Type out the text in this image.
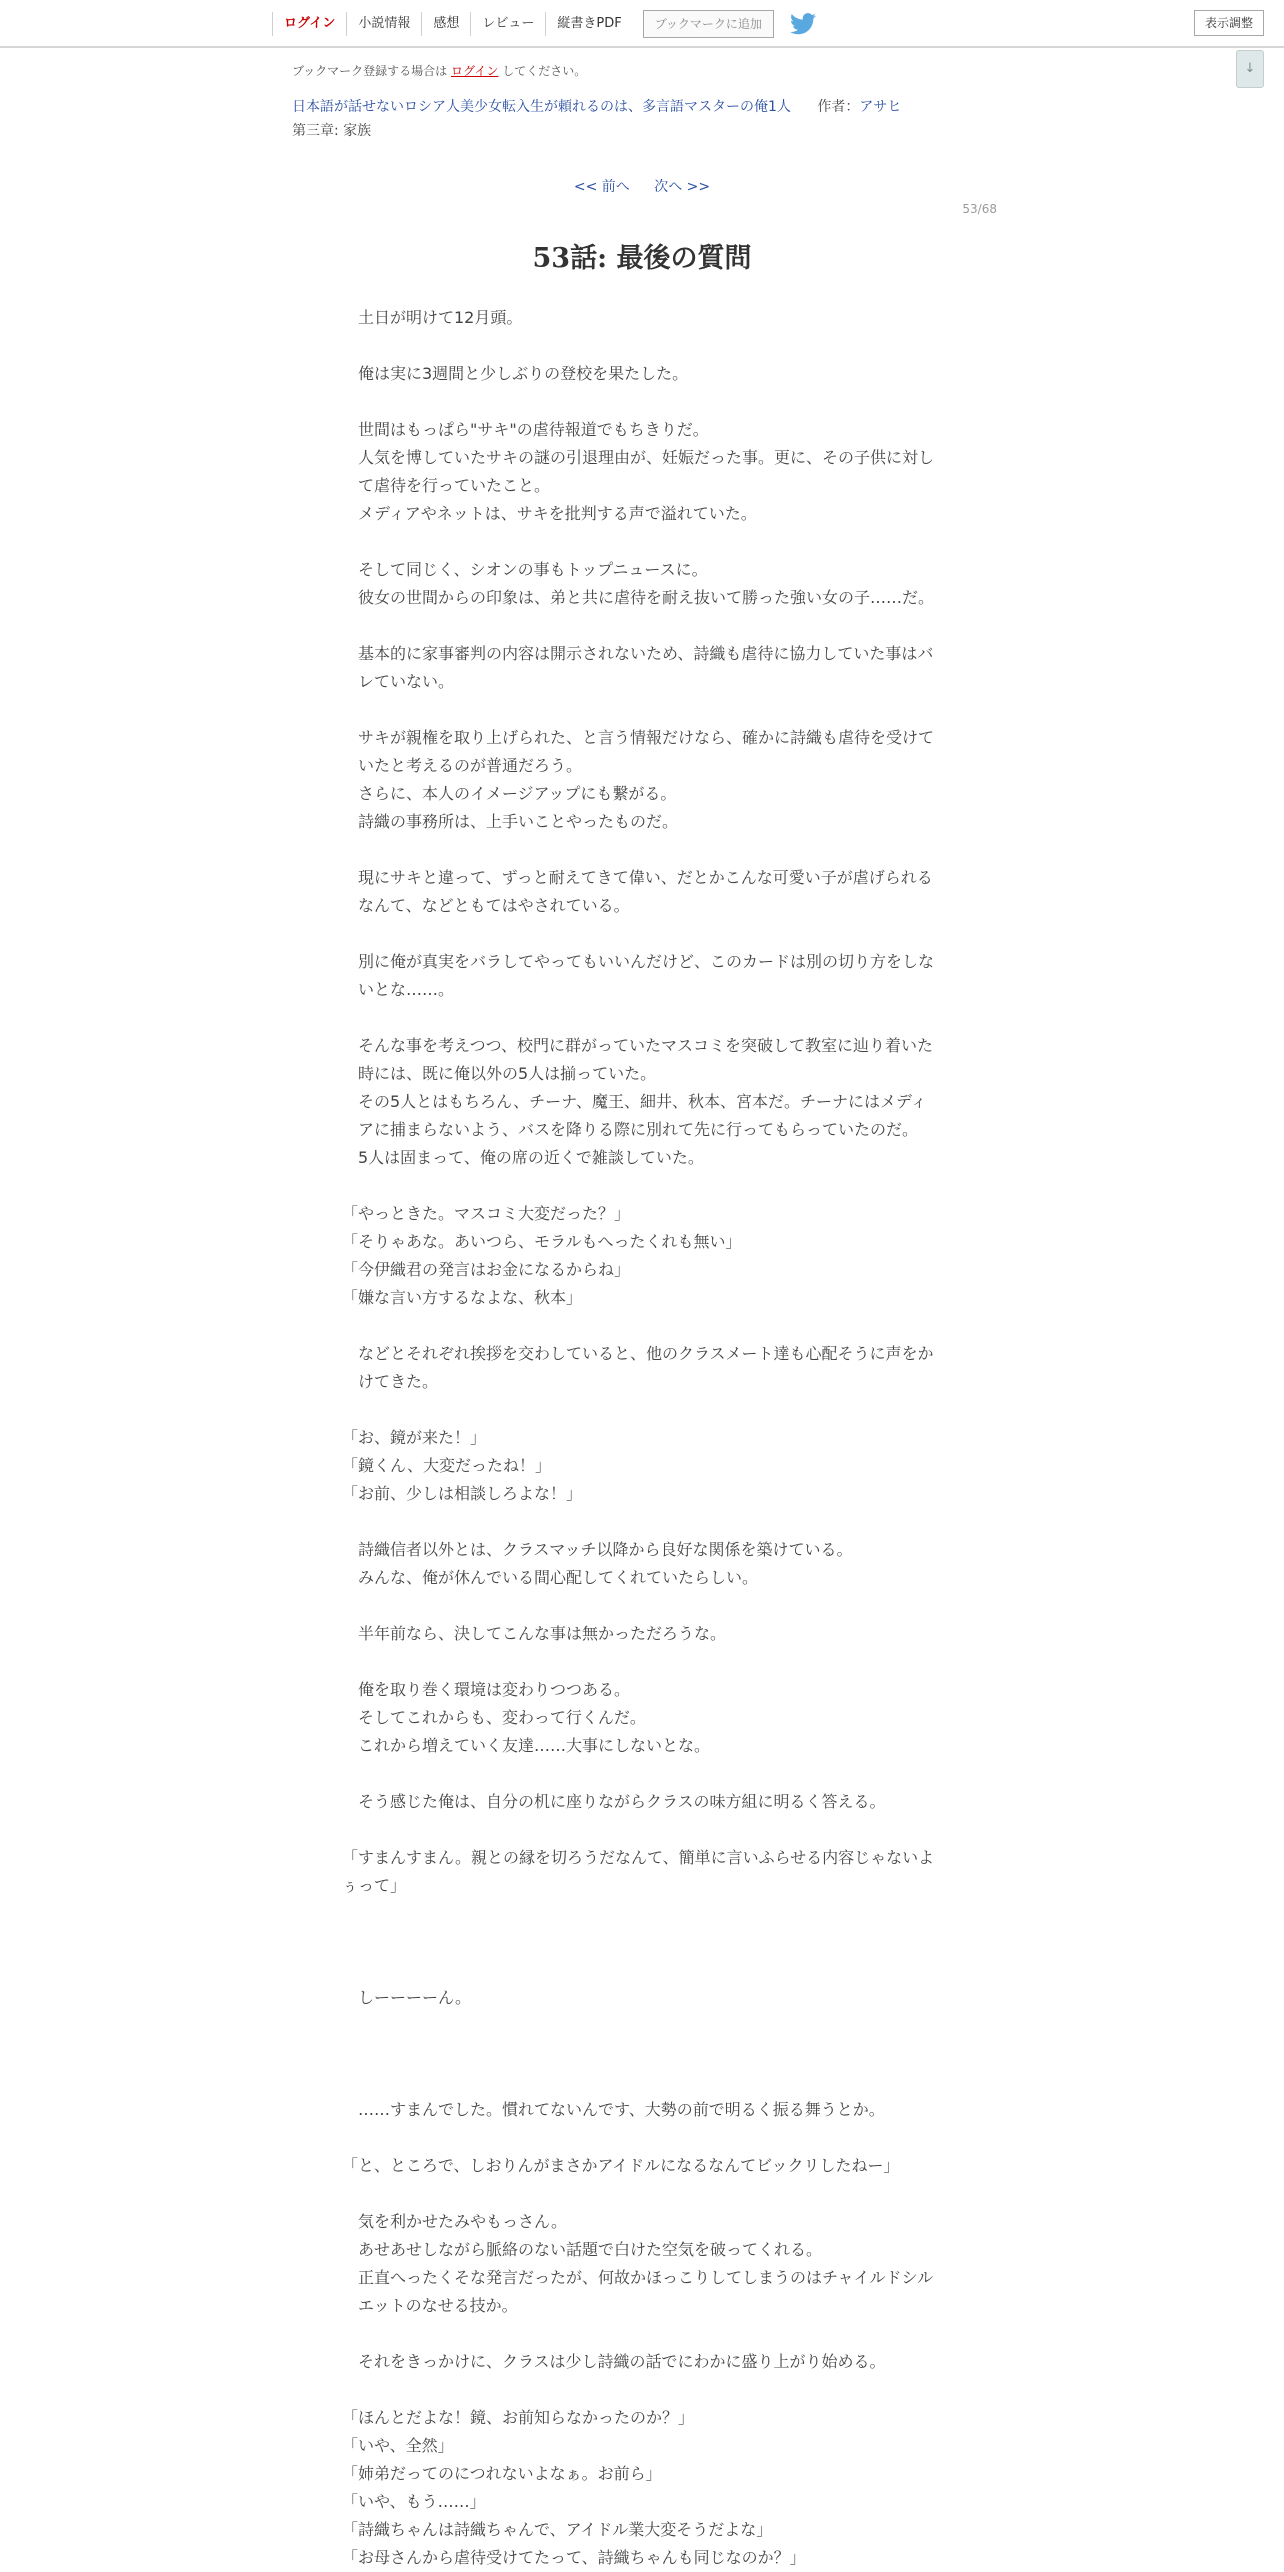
ログイン	小説情報	感想	レビュー	縦書きPDF	ブックマークに追加	表示調整
↓
ブックマーク登録する場合は ログイン してください。
日本語が話せないロシア人美少女転入生が頼れるのは、多言語マスターの俺1人 作者：アサヒ
第三章: 家族
<< 前へ 次へ >>
53/68
53話: 最後の質問
土日が明けて12月頭。
俺は実に3週間と少しぶりの登校を果たした。
世間はもっぱら"サキ"の虐待報道でもちきりだ。
人気を博していたサキの謎の引退理由が、妊娠だった事。更に、その子供に対して虐待を行っていたこと。
メディアやネットは、サキを批判する声で溢れていた。
そして同じく、シオンの事もトップニュースに。
彼女の世間からの印象は、弟と共に虐待を耐え抜いて勝った強い女の子……だ。
基本的に家事審判の内容は開示されないため、詩織も虐待に協力していた事はバレていない。
サキが親権を取り上げられた、と言う情報だけなら、確かに詩織も虐待を受けていたと考えるのが普通だろう。
さらに、本人のイメージアップにも繋がる。
詩織の事務所は、上手いことやったものだ。
現にサキと違って、ずっと耐えてきて偉い、だとかこんな可愛い子が虐げられるなんて、などともてはやされている。
別に俺が真実をバラしてやってもいいんだけど、このカードは別の切り方をしないとな……。
そんな事を考えつつ、校門に群がっていたマスコミを突破して教室に辿り着いた時には、既に俺以外の5人は揃っていた。
その5人とはもちろん、チーナ、魔王、細井、秋本、宮本だ。チーナにはメディアに捕まらないよう、バスを降りる際に別れて先に行ってもらっていたのだ。
5人は固まって、俺の席の近くで雑談していた。
「やっときた。マスコミ大変だった？」
「そりゃあな。あいつら、モラルもへったくれも無い」
「今伊織君の発言はお金になるからね」
「嫌な言い方するなよな、秋本」
などとそれぞれ挨拶を交わしていると、他のクラスメート達も心配そうに声をかけてきた。
「お、鏡が来た！」
「鏡くん、大変だったね！」
「お前、少しは相談しろよな！」
詩織信者以外とは、クラスマッチ以降から良好な関係を築けている。
みんな、俺が休んでいる間心配してくれていたらしい。
半年前なら、決してこんな事は無かっただろうな。
俺を取り巻く環境は変わりつつある。
そしてこれからも、変わって行くんだ。
これから増えていく友達……大事にしないとな。
そう感じた俺は、自分の机に座りながらクラスの味方組に明るく答える。
「すまんすまん。親との縁を切ろうだなんて、簡単に言いふらせる内容じゃないよぅって」
しーーーーん。
……すまんでした。慣れてないんです、大勢の前で明るく振る舞うとか。
「と、ところで、しおりんがまさかアイドルになるなんてビックリしたねー」
気を利かせたみやもっさん。
あせあせしながら脈絡のない話題で白けた空気を破ってくれる。
正直へったくそな発言だったが、何故かほっこりしてしまうのはチャイルドシルエットのなせる技か。
それをきっかけに、クラスは少し詩織の話でにわかに盛り上がり始める。
「ほんとだよな！鏡、お前知らなかったのか？」
「いや、全然」
「姉弟だってのにつれないよなぁ。お前ら」
「いや、もう……」
「詩織ちゃんは詩織ちゃんで、アイドル業大変そうだよな」
「お母さんから虐待受けてたって、詩織ちゃんも同じなのか？」
